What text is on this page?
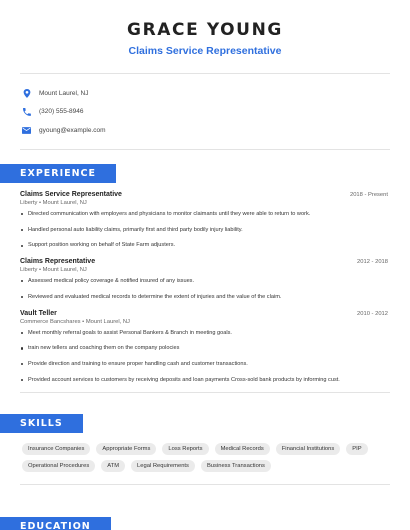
GRACE YOUNG
Claims Service Representative
Mount Laurel, NJ
(320) 555-8946
gyoung@example.com
EXPERIENCE
Claims Service Representative	2018 - Present
Liberty • Mount Laurel, NJ
Directed communication with employers and physicians to monitor claimants until they were able to return to work.
Handled personal auto liability claims, primarily first and third party bodily injury liability.
Support position working on behalf of State Farm adjusters.
Claims Representative	2012 - 2018
Liberty • Mount Laurel, NJ
Assessed medical policy coverage & notified insured of any issues.
Reviewed and evaluated medical records to determine the extent of injuries and the value of the claim.
Vault Teller	2010 - 2012
Commerce Bancshares • Mount Laurel, NJ
Meet monthly referral goals to assist Personal Bankers & Branch in meeting goals.
train new tellers and coaching them on the company polocies
Provide direction and training to ensure proper handling cash and customer transactions.
Provided account services to customers by receiving deposits and loan payments Cross-sold bank products by informing cust.
SKILLS
Insurance Companies	Appropriate Forms	Loss Reports	Medical Records	Financial Institutions	PIP
Operational Procedures	ATM	Legal Requirements	Business Transactions
EDUCATION
